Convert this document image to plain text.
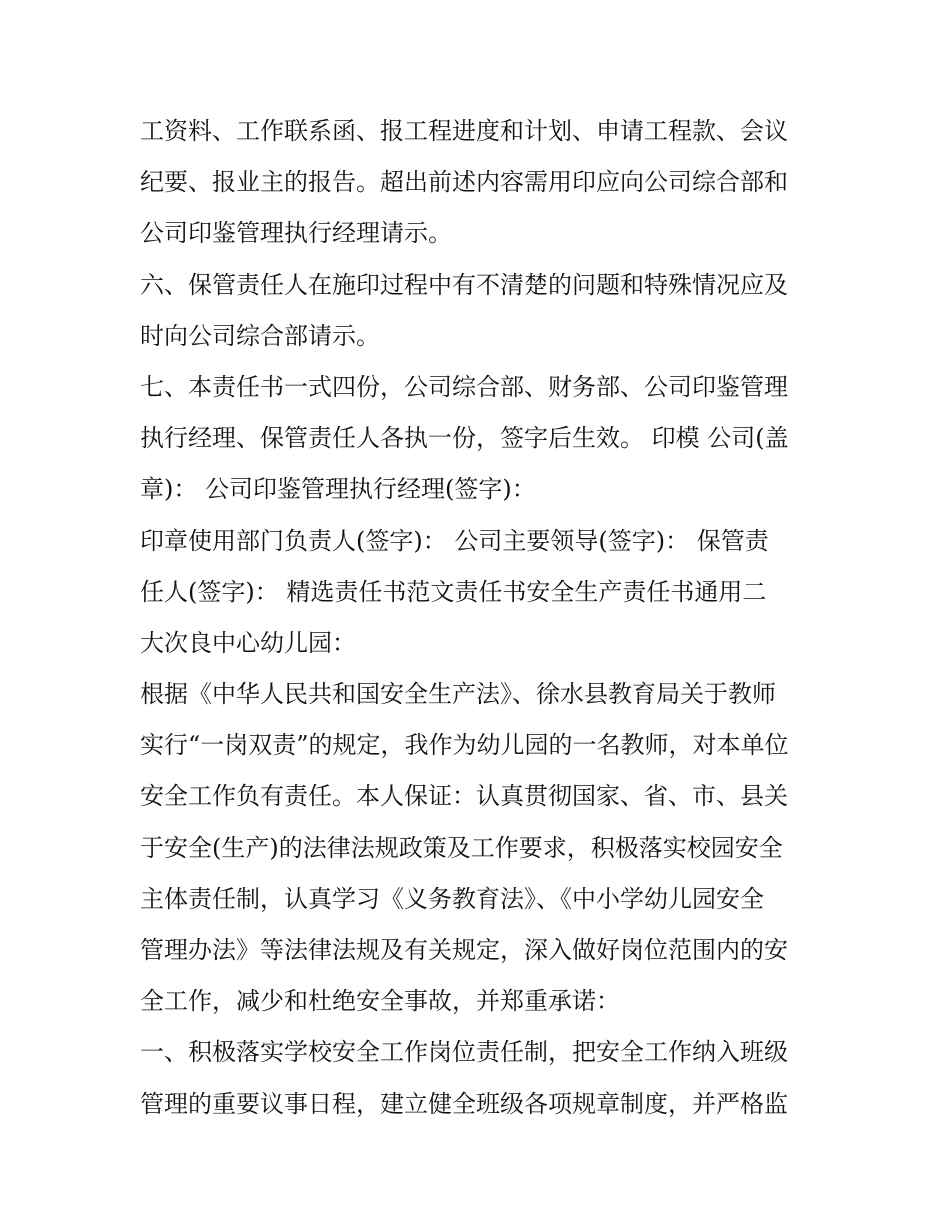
工资料、工作联系函、报工程进度和计划、申请工程款、会议
纪要、报业主的报告。超出前述内容需用印应向公司综合部和
公司印鉴管理执行经理请示。
六、保管责任人在施印过程中有不清楚的问题和特殊情况应及
时向公司综合部请示。
七、本责任书一式四份，公司综合部、财务部、公司印鉴管理
执行经理、保管责任人各执一份，签字后生效。 印模 公司(盖
章)： 公司印鉴管理执行经理(签字)：
印章使用部门负责人(签字)： 公司主要领导(签字)： 保管责
任人(签字)： 精选责任书范文责任书安全生产责任书通用二
大次良中心幼儿园：
根据《中华人民共和国安全生产法》、徐水县教育局关于教师
实行“一岗双责”的规定，我作为幼儿园的一名教师，对本单位
安全工作负有责任。本人保证：认真贯彻国家、省、市、县关
于安全(生产)的法律法规政策及工作要求，积极落实校园安全
主体责任制，认真学习《义务教育法》、《中小学幼儿园安全
管理办法》等法律法规及有关规定，深入做好岗位范围内的安
全工作，减少和杜绝安全事故，并郑重承诺：
一、积极落实学校安全工作岗位责任制，把安全工作纳入班级
管理的重要议事日程，建立健全班级各项规章制度，并严格监
